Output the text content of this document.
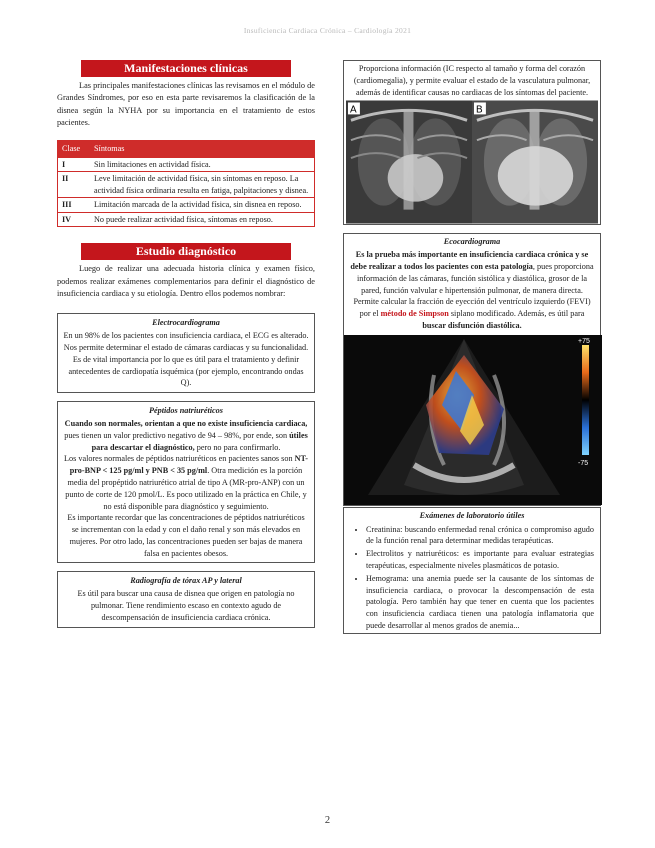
Insuficiencia Cardiaca Crónica – Cardiología 2021
Manifestaciones clínicas
Las principales manifestaciones clínicas las revisamos en el módulo de Grandes Síndromes, por eso en esta parte revisaremos la clasificación de la disnea según la NYHA por su importancia en el tratamiento de estos pacientes.
Clase	Síntomas
I	Sin limitaciones en actividad física.
II	Leve limitación de actividad física, sin síntomas en reposo. La actividad física ordinaria resulta en fatiga, palpitaciones y disnea.
III	Limitación marcada de la actividad física, sin disnea en reposo.
IV	No puede realizar actividad física, síntomas en reposo.
Estudio diagnóstico
Luego de realizar una adecuada historia clínica y examen físico, podemos realizar exámenes complementarios para definir el diagnóstico de insuficiencia cardiaca y su etiología. Dentro ellos podemos nombrar:
Electrocardiograma
En un 98% de los pacientes con insuficiencia cardiaca, el ECG es alterado. Nos permite determinar el estado de cámaras cardiacas y su funcionalidad. Es de vital importancia por lo que es útil para el tratamiento y definir antecedentes de cardiopatía isquémica (por ejemplo, encontrando ondas Q).
Péptidos natriuréticos
Cuando son normales, orientan a que no existe insuficiencia cardiaca, pues tienen un valor predictivo negativo de 94 – 98%, por ende, son útiles para descartar el diagnóstico, pero no para confirmarlo.
Los valores normales de péptidos natriuréticos en pacientes sanos son NT-pro-BNP < 125 pg/ml y PNB < 35 pg/ml. Otra medición es la porción media del propéptido natriurético atrial de tipo A (MR-pro-ANP) con un punto de corte de 120 pmol/L. Es poco utilizado en la práctica en Chile, y no está disponible para diagnóstico y seguimiento.
Es importante recordar que las concentraciones de péptidos natriuréticos se incrementan con la edad y con el daño renal y son más elevados en mujeres. Por otro lado, las concentraciones pueden ser bajas de manera falsa en pacientes obesos.
Radiografía de tórax AP y lateral
Es útil para buscar una causa de disnea que origen en patología no pulmonar. Tiene rendimiento escaso en contexto agudo de descompensación de insuficiencia cardiaca crónica.
Proporciona información (IC respecto al tamaño y forma del corazón (cardiomegalia), y permite evaluar el estado de la vasculatura pulmonar, además de identificar causas no cardiacas de los síntomas del paciente.
A	B
Ecocardiograma
Es la prueba más importante en insuficiencia cardiaca crónica y se debe realizar a todos los pacientes con esta patología, pues proporciona información de las cámaras, función sistólica y diastólica, grosor de la pared, función valvular e hipertensión pulmonar, de manera directa. Permite calcular la fracción de eyección del ventrículo izquierdo (FEVI) por el método de Simpson siplano modificado. Además, es útil para buscar disfunción diastólica.
+75
-75
Exámenes de laboratorio útiles
• Creatinina: buscando enfermedad renal crónica o compromiso agudo de la función renal para determinar medidas terapéuticas.
• Electrolitos y natriuréticos: es importante para evaluar estrategias terapéuticas, especialmente niveles plasmáticos de potasio.
• Hemograma: una anemia puede ser la causante de los síntomas de insuficiencia cardiaca, o provocar la descompensación de esta patología. Pero también hay que tener en cuenta que los pacientes con insuficiencia cardiaca tienen una patología inflamatoria que puede desarrollar al menos grados de anemia...
2
